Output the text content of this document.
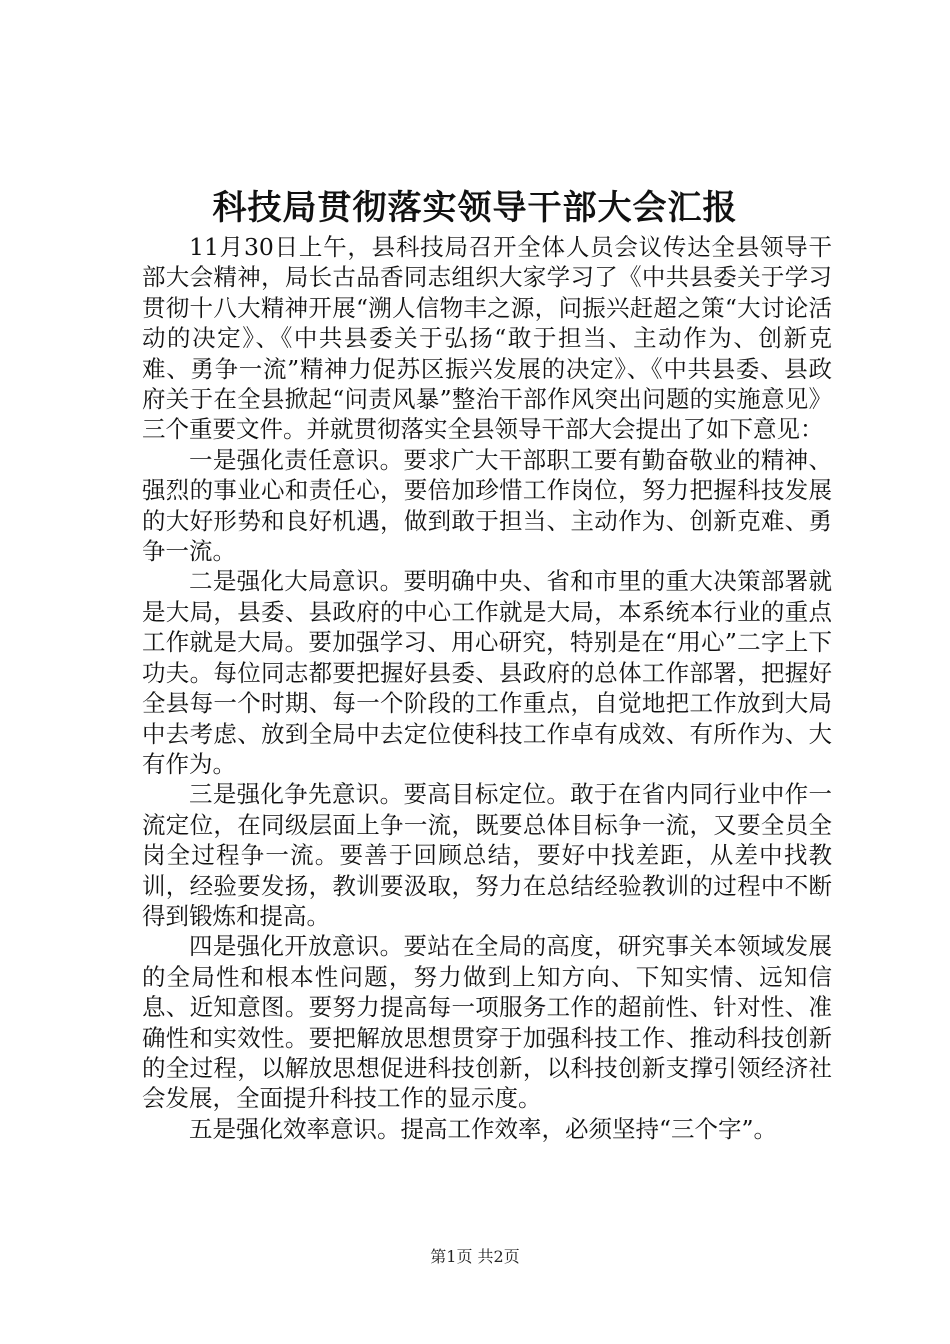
科技局贯彻落实领导干部大会汇报

11月30日上午，县科技局召开全体人员会议传达全县领导干部大会精神，局长古品香同志组织大家学习了《中共县委关于学习贯彻十八大精神开展“溯人信物丰之源，问振兴赶超之策“大讨论活动的决定》、《中共县委关于弘扬“敢于担当、主动作为、创新克难、勇争一流”精神力促苏区振兴发展的决定》、《中共县委、县政府关于在全县掀起“问责风暴”整治干部作风突出问题的实施意见》三个重要文件。并就贯彻落实全县领导干部大会提出了如下意见：

一是强化责任意识。要求广大干部职工要有勤奋敬业的精神、强烈的事业心和责任心，要倍加珍惜工作岗位，努力把握科技发展的大好形势和良好机遇，做到敢于担当、主动作为、创新克难、勇争一流。

二是强化大局意识。要明确中央、省和市里的重大决策部署就是大局，县委、县政府的中心工作就是大局，本系统本行业的重点工作就是大局。要加强学习、用心研究，特别是在“用心”二字上下功夫。每位同志都要把握好县委、县政府的总体工作部署，把握好全县每一个时期、每一个阶段的工作重点，自觉地把工作放到大局中去考虑、放到全局中去定位使科技工作卓有成效、有所作为、大有作为。

三是强化争先意识。要高目标定位。敢于在省内同行业中作一流定位，在同级层面上争一流，既要总体目标争一流，又要全员全岗全过程争一流。要善于回顾总结，要好中找差距，从差中找教训，经验要发扬，教训要汲取，努力在总结经验教训的过程中不断得到锻炼和提高。

四是强化开放意识。要站在全局的高度，研究事关本领域发展的全局性和根本性问题，努力做到上知方向、下知实情、远知信息、近知意图。要努力提高每一项服务工作的超前性、针对性、准确性和实效性。要把解放思想贯穿于加强科技工作、推动科技创新的全过程，以解放思想促进科技创新，以科技创新支撑引领经济社会发展，全面提升科技工作的显示度。

五是强化效率意识。提高工作效率，必须坚持“三个字”。

第1页 共2页
